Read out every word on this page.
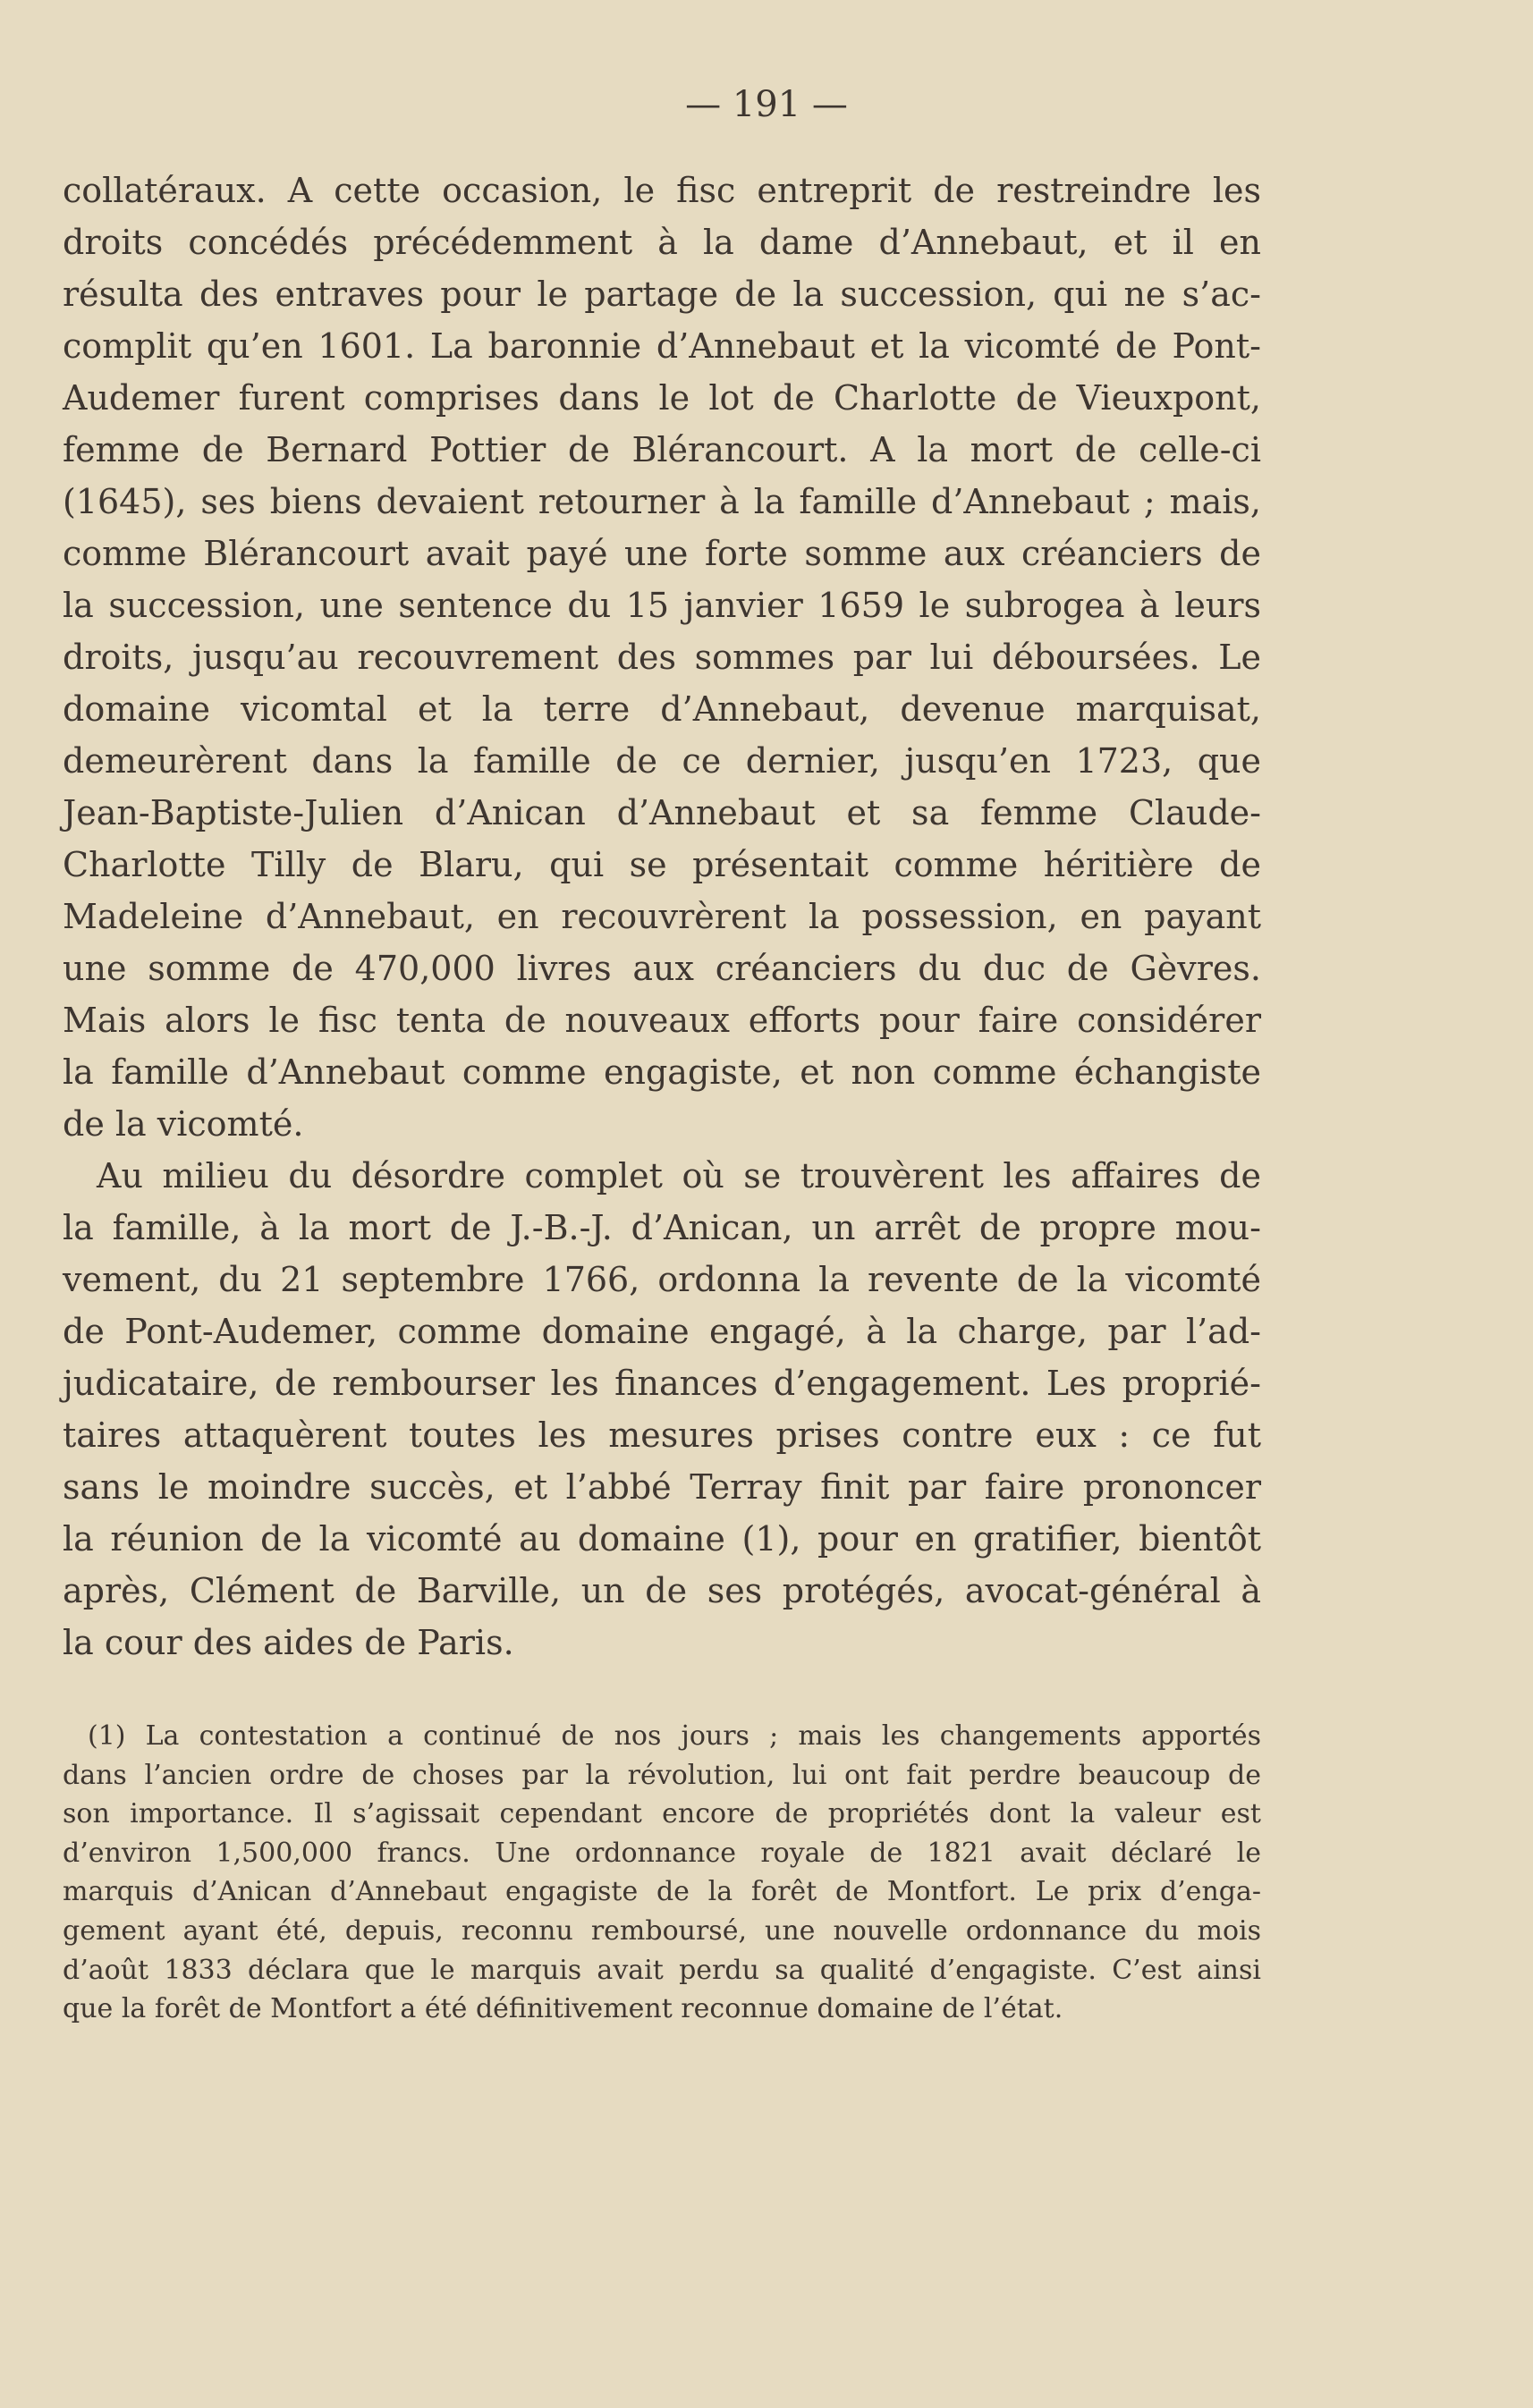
— 191 —
collatéraux. A cette occasion, le fisc entreprit de restreindre les
droits concédés précédemment à la dame d’Annebaut, et il en
résulta des entraves pour le partage de la succession, qui ne s’ac-
complit qu’en 1601. La baronnie d’Annebaut et la vicomté de Pont-
Audemer furent comprises dans le lot de Charlotte de Vieuxpont,
femme de Bernard Pottier de Blérancourt. A la mort de celle-ci
(1645), ses biens devaient retourner à la famille d’Annebaut ; mais,
comme Blérancourt avait payé une forte somme aux créanciers de
la succession, une sentence du 15 janvier 1659 le subrogea à leurs
droits, jusqu’au recouvrement des sommes par lui déboursées. Le
domaine vicomtal et la terre d’Annebaut, devenue marquisat,
demeurèrent dans la famille de ce dernier, jusqu’en 1723, que
Jean-Baptiste-Julien d’Anican d’Annebaut et sa femme Claude-
Charlotte Tilly de Blaru, qui se présentait comme héritière de
Madeleine d’Annebaut, en recouvrèrent la possession, en payant
une somme de 470,000 livres aux créanciers du duc de Gèvres.
Mais alors le fisc tenta de nouveaux efforts pour faire considérer
la famille d’Annebaut comme engagiste, et non comme échangiste
de la vicomté.
Au milieu du désordre complet où se trouvèrent les affaires de
la famille, à la mort de J.-B.-J. d’Anican, un arrêt de propre mou-
vement, du 21 septembre 1766, ordonna la revente de la vicomté
de Pont-Audemer, comme domaine engagé, à la charge, par l’ad-
judicataire, de rembourser les finances d’engagement. Les proprié-
taires attaquèrent toutes les mesures prises contre eux : ce fut
sans le moindre succès, et l’abbé Terray finit par faire prononcer
la réunion de la vicomté au domaine (1), pour en gratifier, bientôt
après, Clément de Barville, un de ses protégés, avocat-général à
la cour des aides de Paris.
(1) La contestation a continué de nos jours ; mais les changements apportés
dans l’ancien ordre de choses par la révolution, lui ont fait perdre beaucoup de
son importance. Il s’agissait cependant encore de propriétés dont la valeur est
d’environ 1,500,000 francs. Une ordonnance royale de 1821 avait déclaré le
marquis d’Anican d’Annebaut engagiste de la forêt de Montfort. Le prix d’enga-
gement ayant été, depuis, reconnu remboursé, une nouvelle ordonnance du mois
d’août 1833 déclara que le marquis avait perdu sa qualité d’engagiste. C’est ainsi
que la forêt de Montfort a été définitivement reconnue domaine de l’état.
